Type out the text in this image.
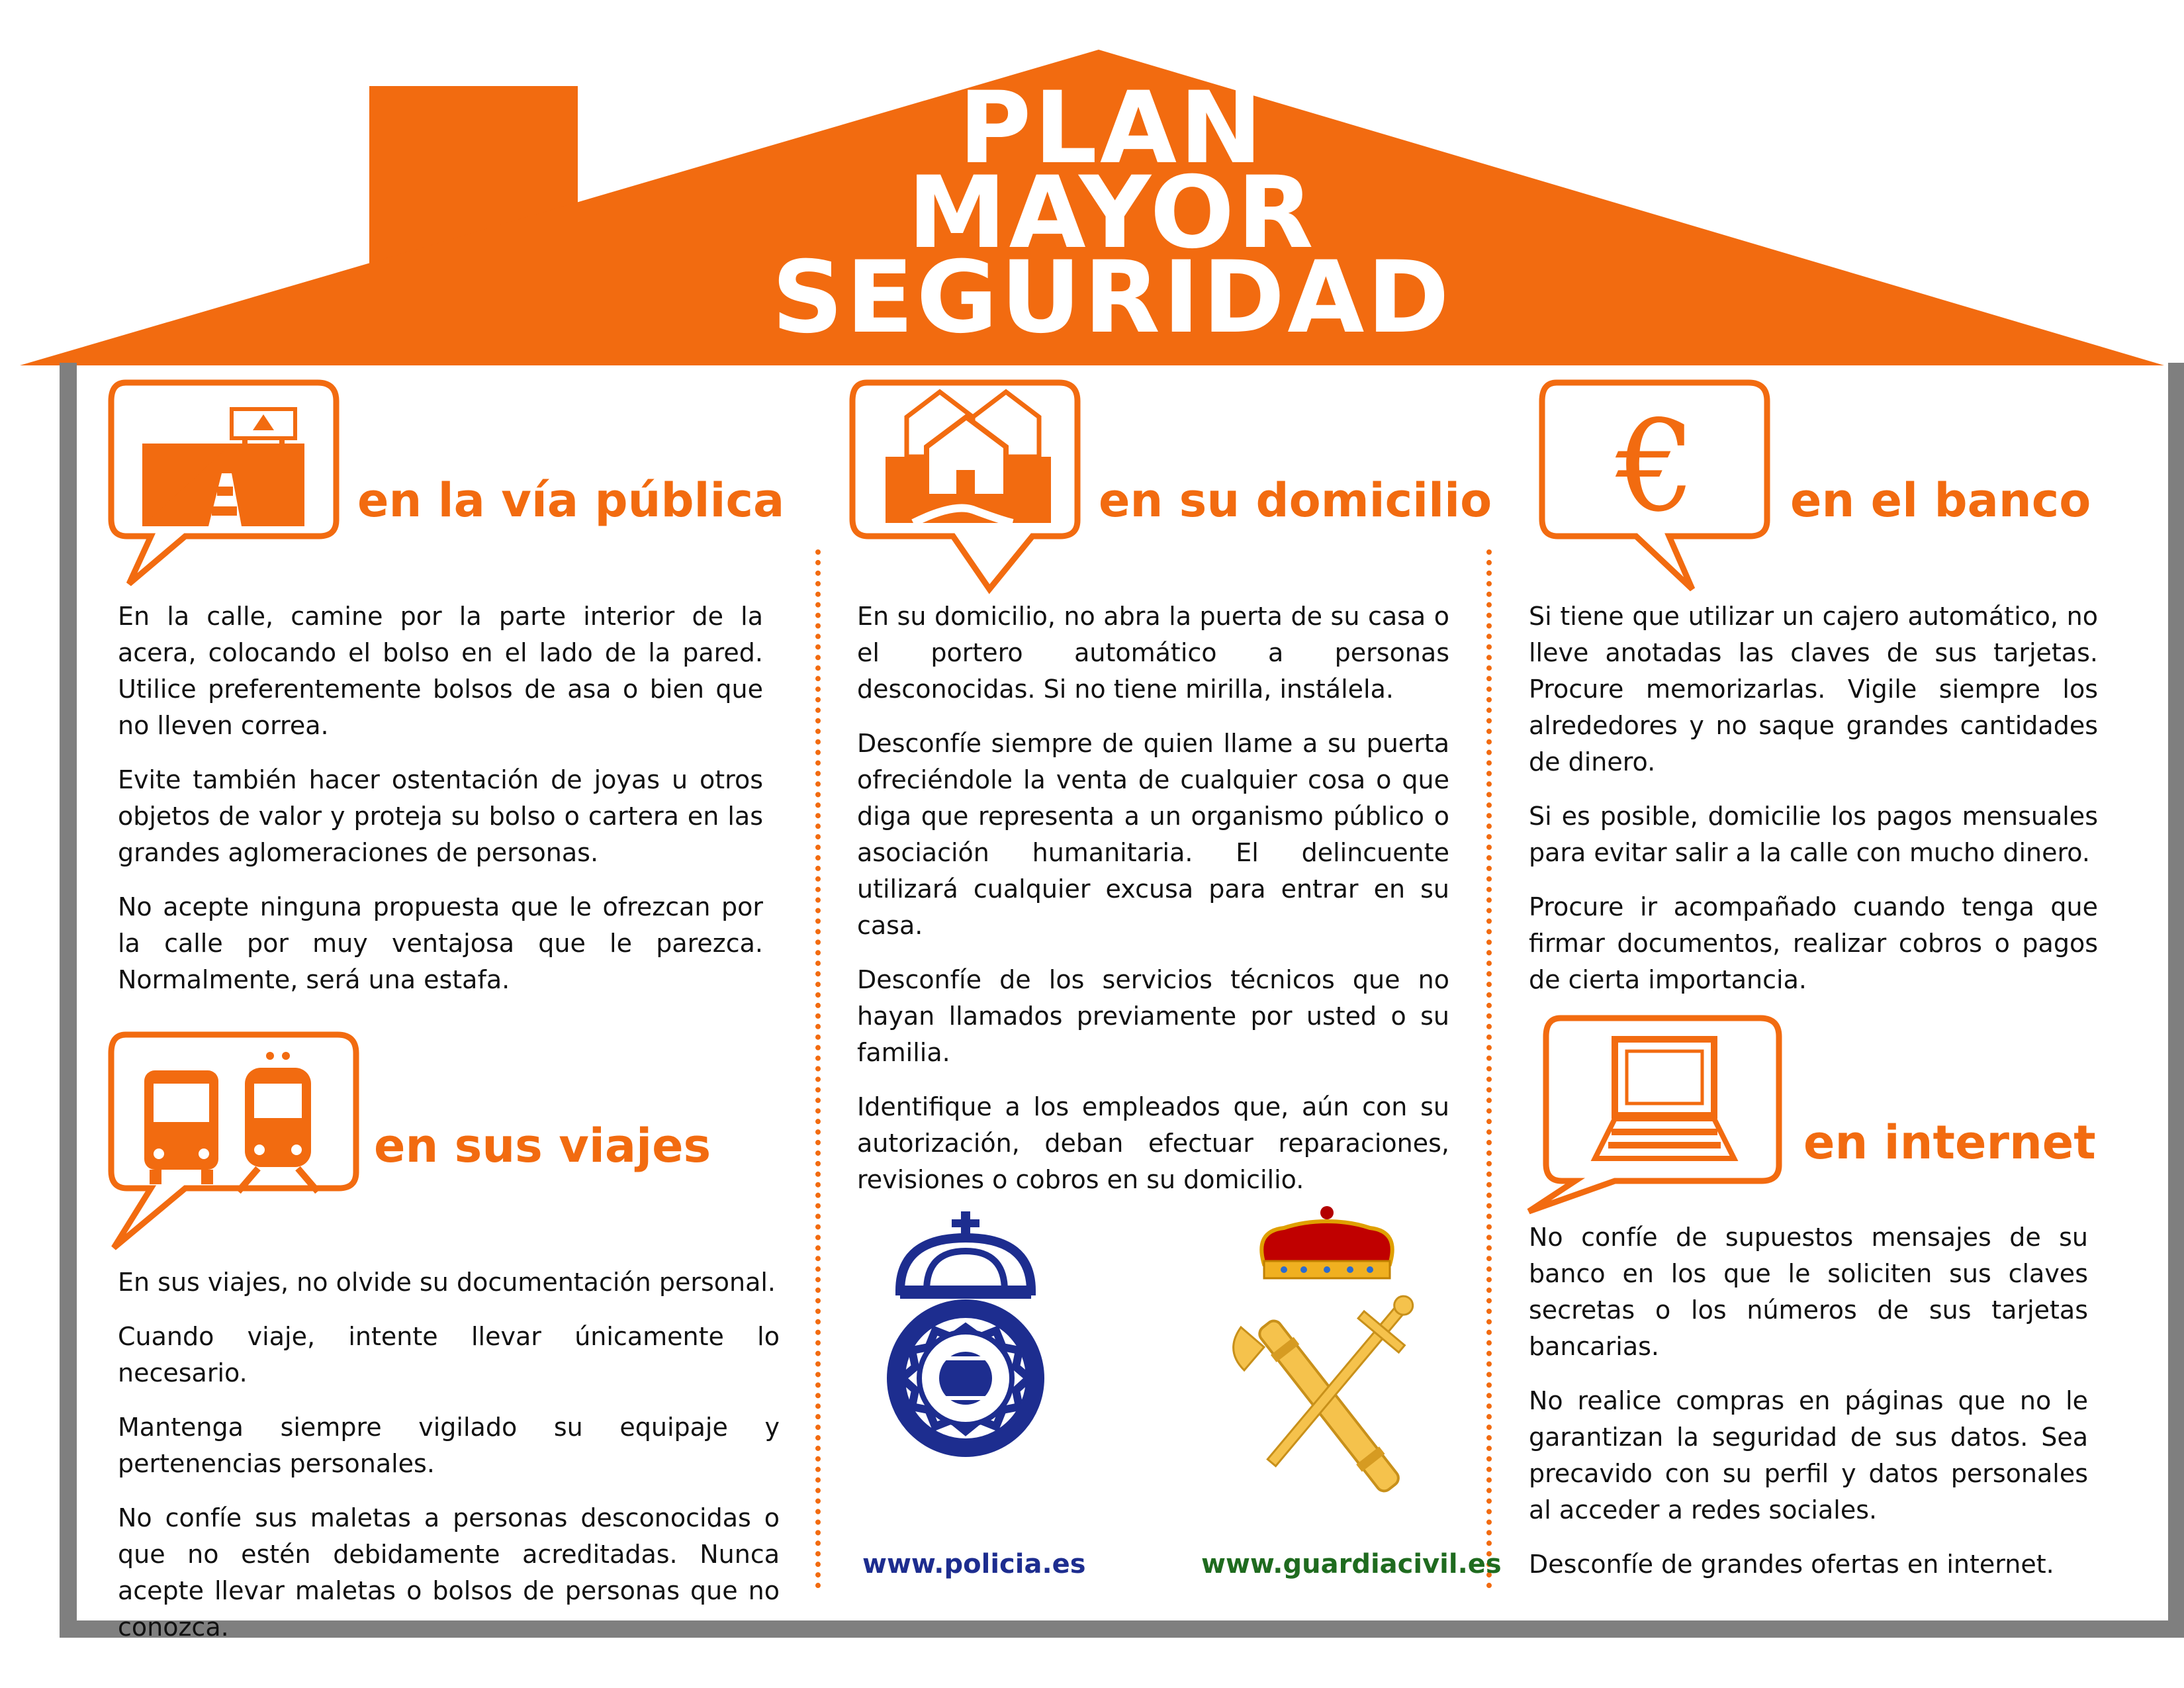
PLAN
MAYOR
SEGURIDAD
en la vía pública

En la calle, camine por la parte interior de la acera, colocando el bolso en el lado de la pared. Utilice preferentemente bolsos de asa o bien que no lleven correa.

Evite también hacer ostentación de joyas u otros objetos de valor y proteja su bolso o cartera en las grandes aglomeraciones de personas.

No acepte ninguna propuesta que le ofrezcan por la calle por muy ventajosa que le parezca. Normalmente, será una estafa.

en sus viajes

En sus viajes, no olvide su documentación personal.

Cuando viaje, intente llevar únicamente lo necesario.

Mantenga siempre vigilado su equipaje y pertenencias personales.

No confíe sus maletas a personas desconocidas o que no estén debidamente acreditadas. Nunca acepte llevar maletas o bolsos de personas que no conozca.

en su domicilio

En su domicilio, no abra la puerta de su casa o el portero automático a personas desconocidas. Si no tiene mirilla, instálela.

Desconfíe siempre de quien llame a su puerta ofreciéndole la venta de cualquier cosa o que diga que representa a un organismo público o asociación humanitaria. El delincuente utilizará cualquier excusa para entrar en su casa.

Desconfíe de los servicios técnicos que no hayan llamados previamente por usted o su familia.

Identifique a los empleados que, aún con su autorización, deban efectuar reparaciones, revisiones o cobros en su domicilio.

www.policia.es	www.guardiacivil.es
€ en el banco

Si tiene que utilizar un cajero automático, no lleve anotadas las claves de sus tarjetas. Procure memorizarlas. Vigile siempre los alrededores y no saque grandes cantidades de dinero.

Si es posible, domicilie los pagos mensuales para evitar salir a la calle con mucho dinero.

Procure ir acompañado cuando tenga que firmar documentos, realizar cobros o pagos de cierta importancia.

en internet

No confíe de supuestos mensajes de su banco en los que le soliciten sus claves secretas o los números de sus tarjetas bancarias.

No realice compras en páginas que no le garantizan la seguridad de sus datos. Sea precavido con su perfil y datos personales al acceder a redes sociales.

Desconfíe de grandes ofertas en internet.
